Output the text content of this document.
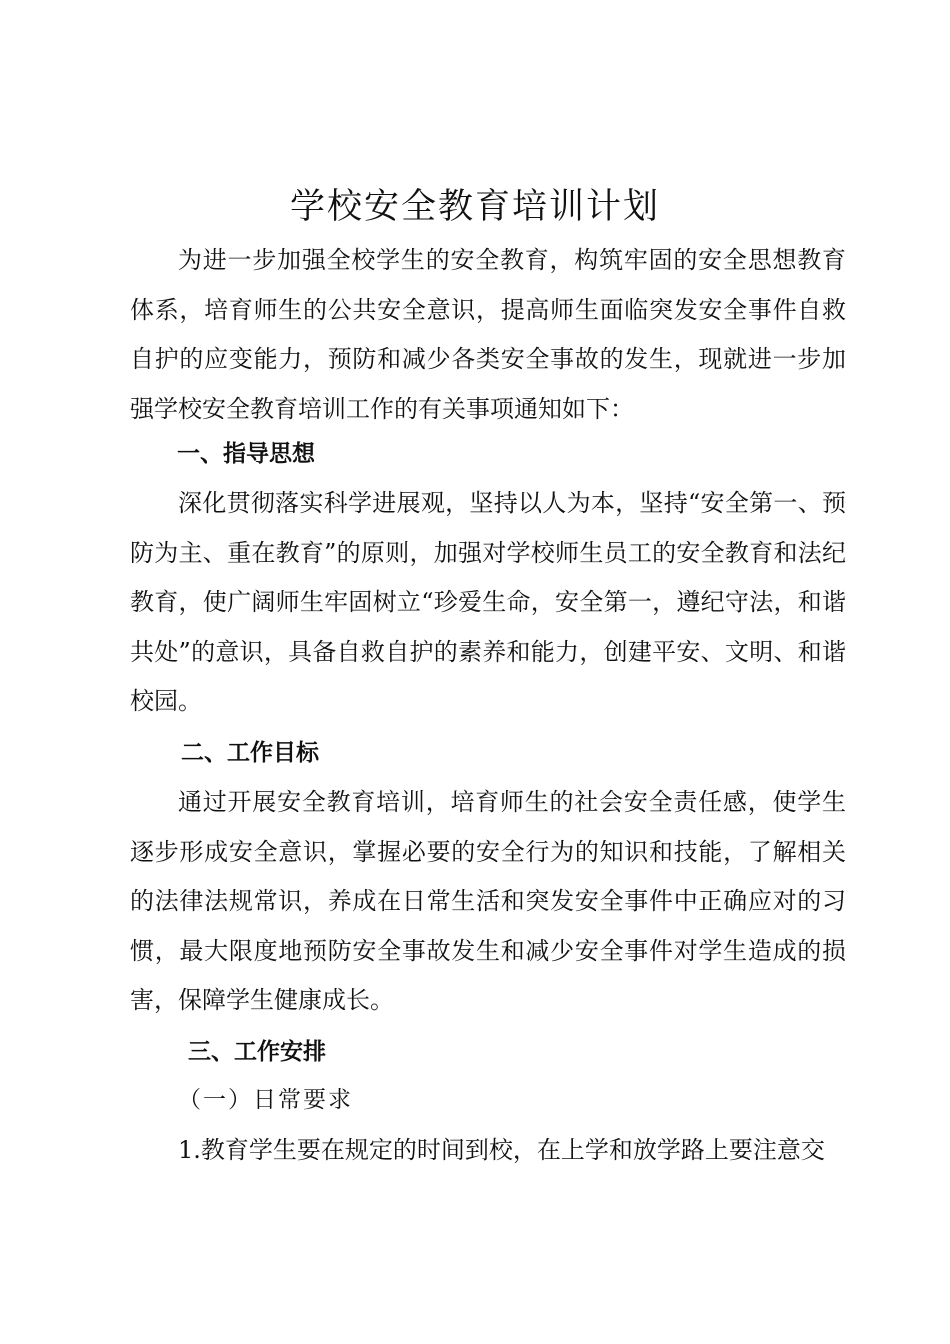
学校安全教育培训计划

为进一步加强全校学生的安全教育，构筑牢固的安全思想教育体系，培育师生的公共安全意识，提高师生面临突发安全事件自救自护的应变能力，预防和减少各类安全事故的发生，现就进一步加强学校安全教育培训工作的有关事项通知如下：

一、指导思想

深化贯彻落实科学进展观，坚持以人为本，坚持“安全第一、预防为主、重在教育”的原则，加强对学校师生员工的安全教育和法纪教育，使广阔师生牢固树立“珍爱生命，安全第一，遵纪守法，和谐共处”的意识，具备自救自护的素养和能力，创建平安、文明、和谐校园。

二、工作目标

通过开展安全教育培训，培育师生的社会安全责任感，使学生逐步形成安全意识，掌握必要的安全行为的知识和技能，了解相关的法律法规常识，养成在日常生活和突发安全事件中正确应对的习惯，最大限度地预防安全事故发生和减少安全事件对学生造成的损害，保障学生健康成长。

三、工作安排

（一）日常要求

1.教育学生要在规定的时间到校，在上学和放学路上要注意交
